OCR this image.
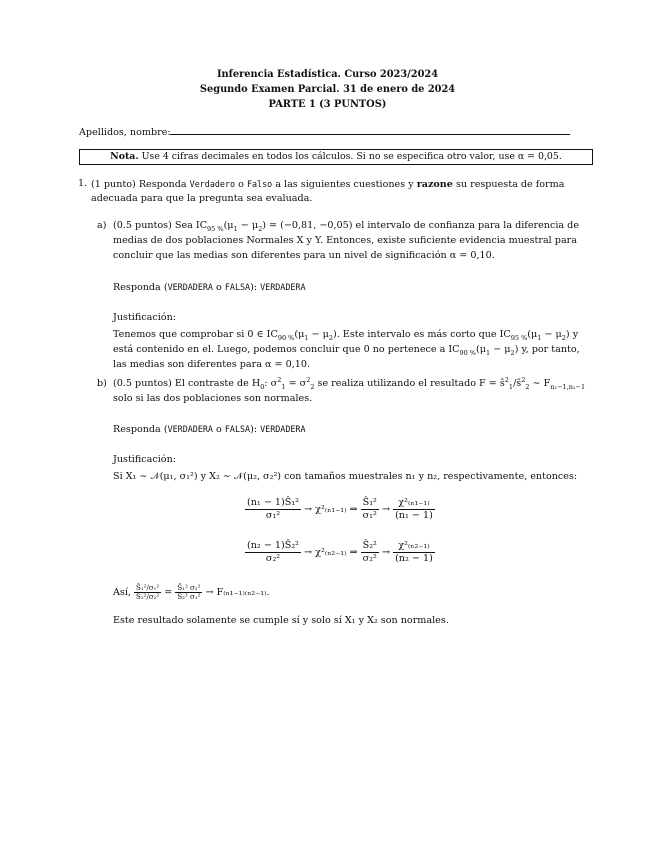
Inferencia Estadística. Curso 2023/2024
Segundo Examen Parcial. 31 de enero de 2024
PARTE 1 (3 PUNTOS)
Apellidos, nombre:
Nota. Use 4 cifras decimales en todos los cálculos. Si no se especifica otro valor, use α = 0,05.
1. (1 punto) Responda Verdadero o Falso a las siguientes cuestiones y razone su respuesta de forma
adecuada para que la pregunta sea evaluada.
a) (0.5 puntos) Sea $IC_{95 \%}(\mu_1 - \mu_2) = (-0,81$, −0,05) el intervalo de confianza para la diferencia de
medias de dos poblaciones Normales X y Y. Entonces, existe suficiente evidencia muestral para
concluir que las medias son diferentes para un nivel de significación α = 0,10.
Responda (VERDADERA o FALSA): VERDADERA
Justificación:
Tenemos que comprobar si 0 ∈ $IC_{90 \%}(\mu_1 - \mu_2)$. Este intervalo es más corto que $IC_{95 \%}(\mu_1 - \mu_2)$ y
está contenido en el. Luego, podemos concluir que 0 no pertenece a $IC_{90 \%}(\mu_1 - \mu_2)$ y, por tanto,
las medias son diferentes para α = 0,10.
b) (0.5 puntos) El contraste de $H_0$: $\sigma^2_1 = \sigma^2_2$ se realiza utilizando el resultado $F = ŝ^2_1/ŝ^2_2$ ∼ $F_{n_1-1,n_2-1}$
solo si las dos poblaciones son normales.
Responda (VERDADERA o FALSA): VERDADERA
Justificación:
Si X₁ ∼ 𝒩(μ₁, σ₁²) y X₂ ∼ 𝒩(μ₂, σ₂²) con tamaños muestrales n₁ y n₂, respectivamente, entonces:
$\frac{\text{(n₁ − 1)Ŝ₁²}}{\text{σ₁²}} \to \chi^2_{(n1-1)}$ ⇒ $\frac{\text{Ŝ₁²}}{\text{σ₁²}} \to \frac{\text{χ²₍ₙ₁₋₁₎}}{\text{(n₁ − 1)}}$
$\frac{\text{(n₂ − 1)Ŝ₂²}}{\text{σ₂²}} \to \chi^2_{(n2-1)}$ ⇒ $\frac{\text{Ŝ₂²}}{\text{σ₂²}} \to \frac{\text{χ²₍ₙ₂₋₁₎}}{\text{(n₂ − 1)}}$
Así, $\frac{\text{Ŝ₁²/σ₁²}}{\text{Ŝ₂²/σ₂²}} = \frac{\text{Ŝ₁² σ₂²}}{\text{Ŝ₂² σ₁²}} \to F_{(n1-1)(n2-1)}$.
Este resultado solamente se cumple sí y solo sí X₁ y X₂ son normales.
